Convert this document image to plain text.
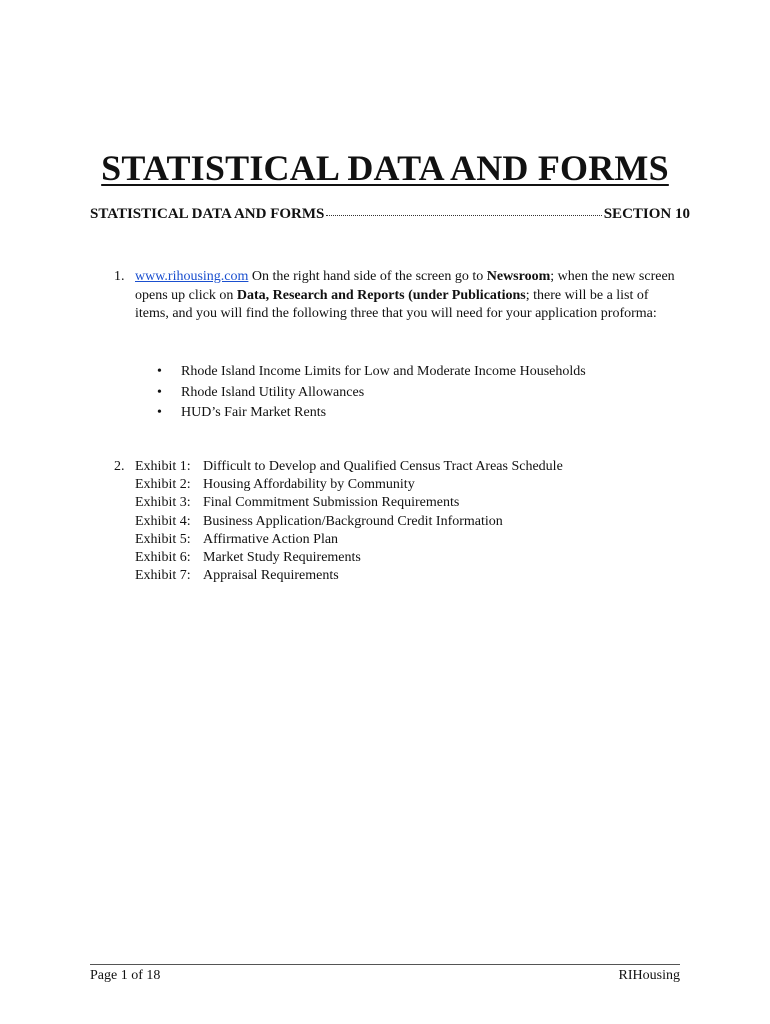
STATISTICAL DATA AND FORMS
STATISTICAL DATA AND FORMS	SECTION 10
1. www.rihousing.com On the right hand side of the screen go to Newsroom; when the new screen opens up click on Data, Research and Reports (under Publications; there will be a list of items, and you will find the following three that you will need for your application proforma:
• Rhode Island Income Limits for Low and Moderate Income Households
• Rhode Island Utility Allowances
• HUD’s Fair Market Rents
2. Exhibit 1: Difficult to Develop and Qualified Census Tract Areas Schedule
Exhibit 2: Housing Affordability by Community
Exhibit 3: Final Commitment Submission Requirements
Exhibit 4: Business Application/Background Credit Information
Exhibit 5: Affirmative Action Plan
Exhibit 6: Market Study Requirements
Exhibit 7: Appraisal Requirements
Page 1 of 18	RIHousing
